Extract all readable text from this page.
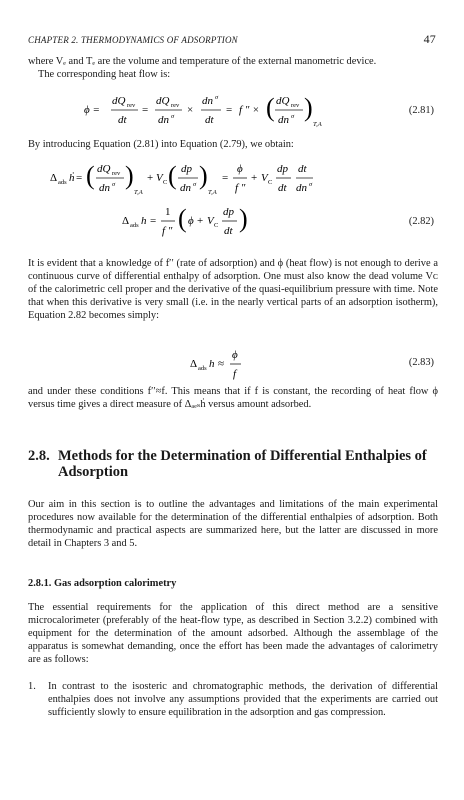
CHAPTER 2. THERMODYNAMICS OF ADSORPTION	47
where Vₑ and Tₑ are the volume and temperature of the external manometric device.
The corresponding heat flow is:
ϕ =
dQ rev
dt
=
dQ rev
dn σ
×
dn σ
dt
= f ″ × ( dQ rev
dn σ )
T,A
(2.81)
By introducing Equation (2.81) into Equation (2.79), we obtain:
Δ ads ḣ = ( dQ rev
dn σ )
T,A
+ V C ( dp
dn σ )
T,A
=
ϕ
f ″
+ V C
dp
dt
dt
dn σ
Δ ads h =
1
f ″ ( ϕ + V C
dp
dt )	(2.82)
It is evident that a knowledge of f′′ (rate of adsorption) and ϕ (heat flow) is not enough to derive a continuous curve of differential enthalpy of adsorption. One must also know the dead volume Vᴄ of the calorimetric cell proper and the derivative of the quasi-equilibrium pressure with time. Note that when this derivative is very small (i.e. in the nearly vertical parts of an adsorption isotherm), Equation 2.82 becomes simply:
Δ ads h ≈
ϕ
f
(2.83)
and under these conditions f′′≈f. This means that if f is constant, the recording of heat flow ϕ versus time gives a direct measure of Δₐₑₛḣ versus amount adsorbed.
2.8. Methods for the Determination of Differential Enthalpies of Adsorption
Our aim in this section is to outline the advantages and limitations of the main experimental procedures now available for the determination of the differential enthalpies of adsorption. Both thermodynamic and practical aspects are summarized here, but the latter are discussed in more detail in Chapters 3 and 5.
2.8.1. Gas adsorption calorimetry
The essential requirements for the application of this direct method are a sensitive microcalorimeter (preferably of the heat-flow type, as described in Section 3.2.2) combined with equipment for the determination of the amount adsorbed. Although the assemblage of the apparatus is somewhat demanding, once the effort has been made the advantages of calorimetry are as follows:
1.	In contrast to the isosteric and chromatographic methods, the derivation of differential enthalpies does not involve any assumptions provided that the experiments are carried out sufficiently slowly to ensure equilibration in the adsorption and gas compression.
